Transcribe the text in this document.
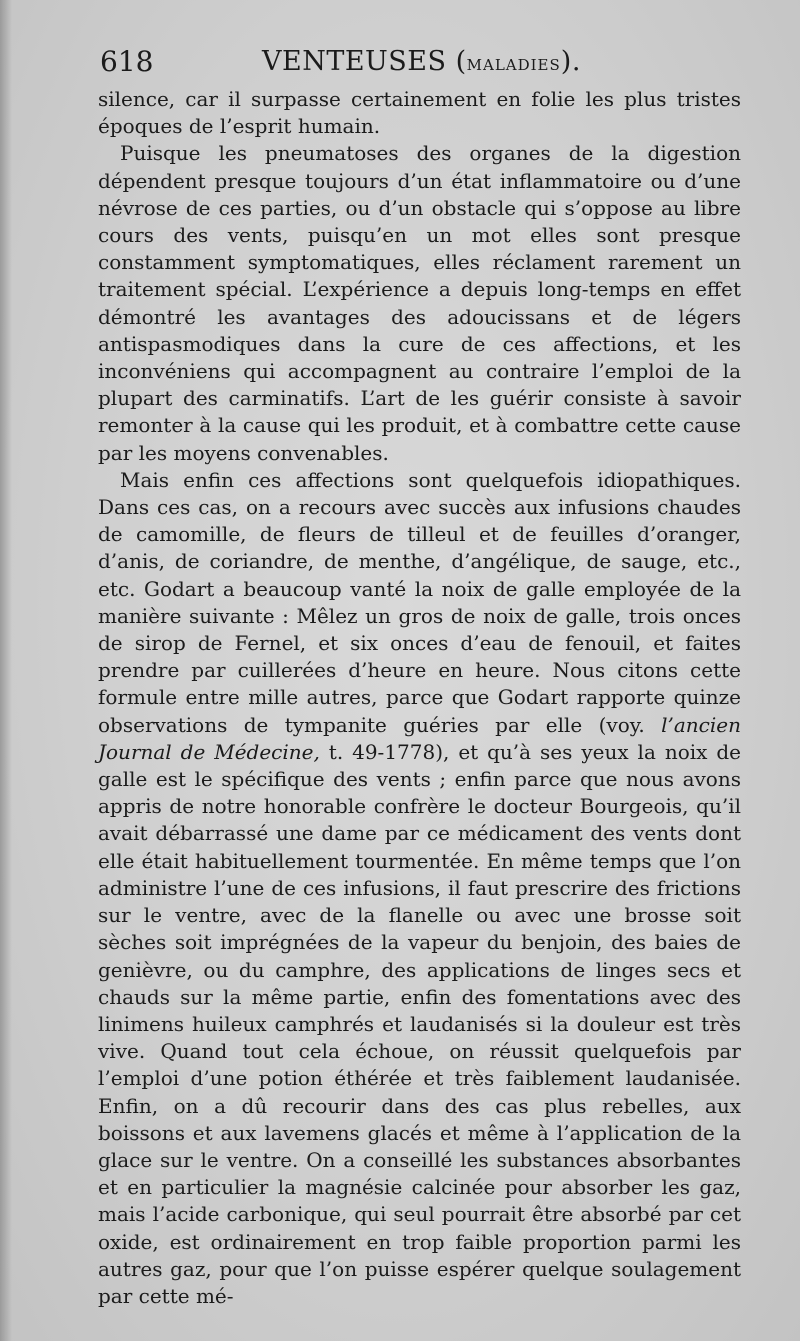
618	VENTEUSES (MALADIES).

silence, car il surpasse certainement en folie les plus tristes époques de l’esprit humain.

Puisque les pneumatoses des organes de la digestion dépendent presque toujours d’un état inflammatoire ou d’une névrose de ces parties, ou d’un obstacle qui s’oppose au libre cours des vents, puisqu’en un mot elles sont presque constamment symptomatiques, elles réclament rarement un traitement spécial. L’expérience a depuis long-temps en effet démontré les avantages des adoucissans et de légers antispasmodiques dans la cure de ces affections, et les inconvéniens qui accompagnent au contraire l’emploi de la plupart des carminatifs. L’art de les guérir consiste à savoir remonter à la cause qui les produit, et à combattre cette cause par les moyens convenables.

Mais enfin ces affections sont quelquefois idiopathiques. Dans ces cas, on a recours avec succès aux infusions chaudes de camomille, de fleurs de tilleul et de feuilles d’oranger, d’anis, de coriandre, de menthe, d’angélique, de sauge, etc., etc. Godart a beaucoup vanté la noix de galle employée de la manière suivante : Mêlez un gros de noix de galle, trois onces de sirop de Fernel, et six onces d’eau de fenouil, et faites prendre par cuillerées d’heure en heure. Nous citons cette formule entre mille autres, parce que Godart rapporte quinze observations de tympanite guéries par elle (voy. l’ancien Journal de Médecine, t. 49-1778), et qu’à ses yeux la noix de galle est le spécifique des vents ; enfin parce que nous avons appris de notre honorable confrère le docteur Bourgeois, qu’il avait débarrassé une dame par ce médicament des vents dont elle était habituellement tourmentée. En même temps que l’on administre l’une de ces infusions, il faut prescrire des frictions sur le ventre, avec de la flanelle ou avec une brosse soit sèches soit imprégnées de la vapeur du benjoin, des baies de genièvre, ou du camphre, des applications de linges secs et chauds sur la même partie, enfin des fomentations avec des linimens huileux camphrés et laudanisés si la douleur est très vive. Quand tout cela échoue, on réussit quelquefois par l’emploi d’une potion éthérée et très faiblement laudanisée. Enfin, on a dû recourir dans des cas plus rebelles, aux boissons et aux lavemens glacés et même à l’application de la glace sur le ventre. On a conseillé les substances absorbantes et en particulier la magnésie calcinée pour absorber les gaz, mais l’acide carbonique, qui seul pourrait être absorbé par cet oxide, est ordinairement en trop faible proportion parmi les autres gaz, pour que l’on puisse espérer quelque soulagement par cette mé-
